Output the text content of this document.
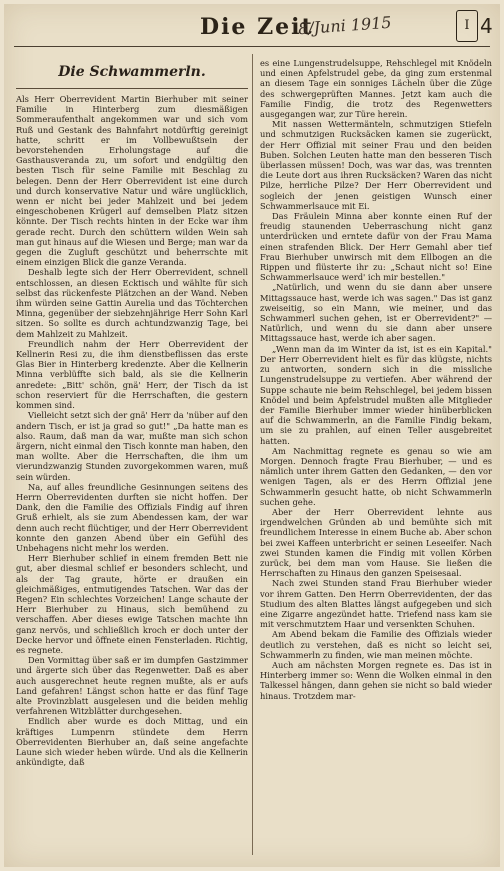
Die Zeit
8/Juni 1915	I 4
Die Schwammerln.

Als Herr Oberrevident Martin Bierhuber mit seiner Familie in Hinterberg zum diesmäßigen Sommeraufenthalt angekommen war und sich vom Ruß und Gestank des Bahnfahrt notdürftig gereinigt hatte, schritt er im Vollbewußtsein der bevorstehenden Erholungstage auf die Gasthausveranda zu, um sofort und endgültig den besten Tisch für seine Familie mit Beschlag zu belegen. Denn der Herr Oberrevident ist eine durch und durch konservative Natur und wäre unglücklich, wenn er nicht bei jeder Mahlzeit und bei jedem eingeschobenen Krügerl auf demselben Platz sitzen könnte. Der Tisch rechts hinten in der Ecke war ihm gerade recht. Durch den schüttern wilden Wein sah man gut hinaus auf die Wiesen und Berge; man war da gegen die Zugluft geschützt und beherrschte mit einem einzigen Blick die ganze Veranda.

Deshalb legte sich der Herr Oberrevident, schnell entschlossen, an diesen Ecktisch und wählte für sich selbst das rückenfeste Plätzchen an der Wand. Neben ihm würden seine Gattin Aurelia und das Töchterchen Minna, gegenüber der siebzehnjährige Herr Sohn Karl sitzen. So sollte es durch achtundzwanzig Tage, bei dem Mahlzeit zu Mahlzeit.

Freundlich nahm der Herr Oberrevident der Kellnerin Resi zu, die ihm dienstbeflissen das erste Glas Bier in Hinterberg kredenzte. Aber die Kellnerin Minna verblüffte sich bald, als sie die Kellnerin anredete: „Bitt' schön, gnä' Herr, der Tisch da ist schon reserviert für die Herrschaften, die gestern kommen sind.

Vielleicht setzt sich der gnä' Herr da 'nüber auf den andern Tisch, er ist ja grad so gut!" „Da hatte man es also. Raum, daß man da war, mußte man sich schon ärgern, nicht einmal den Tisch konnte man haben, den man wollte. Aber die Herrschaften, die ihm um vierundzwanzig Stunden zuvorgekommen waren, muß sein würden.

Na, auf alles freundliche Gesinnungen seitens des Herrn Oberrevidenten durften sie nicht hoffen. Der Dank, den die Familie des Offizials Findig auf ihren Gruß erhielt, als sie zum Abendessen kam, der war denn auch recht flüchtiger, und der Herr Oberrevident konnte den ganzen Abend über ein Gefühl des Unbehagens nicht mehr los werden.

Herr Bierhuber schlief in einem fremden Bett nie gut, aber diesmal schlief er besonders schlecht, und als der Tag graute, hörte er draußen ein gleichmäßiges, entmutigendes Tatschen. War das der Regen? Ein schlechtes Vorzeichen! Lange schaute der Herr Bierhuber zu Hinaus, sich bemühend zu verschaffen. Aber dieses ewige Tatschen machte ihn ganz nervös, und schließlich kroch er doch unter der Decke hervor und öffnete einen Fensterladen. Richtig, es regnete.

Den Vormittag über saß er im dumpfen Gastzimmer und ärgerte sich über das Regenwetter. Daß es aber auch ausgerechnet heute regnen mußte, als er aufs Land gefahren! Längst schon hatte er das fünf Tage alte Provinzblatt ausgelesen und die beiden mehlig verfahrenen Witzblätter durchgesehen.

Endlich aber wurde es doch Mittag, und ein kräftiges Lumpenrn stündete dem Herrn Oberrevidenten Bierhuber an, daß seine angefachte Laune sich wieder heben würde. Und als die Kellnerin ankündigte, daß

es eine Lungenstrudelsuppe, Rehschlegel mit Knödeln und einen Apfelstrudel gebe, da ging zum erstenmal an diesem Tage ein sonniges Lächeln über die Züge des schwergeprüften Mannes. Jetzt kam auch die Familie Findig, die trotz des Regenwetters ausgegangen war, zur Türe herein.

Mit nassen Wettermänteln, schmutzigen Stiefeln und schmutzigen Rucksäcken kamen sie zugerückt, der Herr Offizial mit seiner Frau und den beiden Buben. Solchen Leuten hatte man den besseren Tisch überlassen müssen! Doch, was war das, was trennten die Leute dort aus ihren Rucksäcken? Waren das nicht Pilze, herrliche Pilze? Der Herr Oberrevident und sogleich der jenen geistigen Wunsch einer Schwammerlsauce mit Ei.

Das Fräulein Minna aber konnte einen Ruf der freudig staunenden Ueberraschung nicht ganz unterdrücken und erntete dafür von der Frau Mama einen strafenden Blick. Der Herr Gemahl aber tief Frau Bierhuber unwirsch mit dem Ellbogen an die Rippen und flüsterte ihr zu: „Schaut nicht so! Eine Schwammerlsauce werd' ich mir bestellen."

„Natürlich, und wenn du sie dann aber unsere Mittagssauce hast, werde ich was sagen." Das ist ganz zweiseitig, so ein Mann, wie meiner, und das Schwammerl suchen gehen, ist er Oberrevident?" — Natürlich, und wenn du sie dann aber unsere Mittagssauce hast, werde ich aber sagen.

„Wenn man da im Winter da ist, ist es ein Kapital." Der Herr Oberrevident hielt es für das klügste, nichts zu antworten, sondern sich in die missliche Lungenstrudelsuppe zu vertiefen. Aber während der Suppe schaute nie beim Rehschlegel, bei jedem bissen Knödel und beim Apfelstrudel mußten alle Mitglieder der Familie Bierhuber immer wieder hinüberblicken auf die Schwammerln, an die Familie Findig bekam, um sie zu prahlen, auf einen Teller ausgebreitet hatten.

Am Nachmittag regnete es genau so wie am Morgen. Dennoch fragte Frau Bierhuber, — und es nämlich unter ihrem Gatten den Gedanken, — den vor wenigen Tagen, als er des Herrn Offizial jene Schwammerln gesucht hatte, ob nicht Schwammerln suchen gehe.

Aber der Herr Oberrevident lehnte aus irgendwelchen Gründen ab und bemühte sich mit freundlichem Interesse in einem Buche ab. Aber schon bei zwei Kaffeen unterbricht er seinen Leseeifer. Nach zwei Stunden kamen die Findig mit vollen Körben zurück, bei dem man vom Hause. Sie ließen die Herrschaften zu Hinaus den ganzen Speisesaal.

Nach zwei Stunden stand Frau Bierhuber wieder vor ihrem Gatten. Den Herrn Oberrevidenten, der das Studium des alten Blattes längst aufgegeben und sich eine Zigarre angezündet hatte. Triefend nass kam sie mit verschmutztem Haar und versenkten Schuhen.

Am Abend bekam die Familie des Offizials wieder deutlich zu verstehen, daß es nicht so leicht sei, Schwammerln zu finden, wie man meinen möchte.

Auch am nächsten Morgen regnete es. Das ist in Hinterberg immer so: Wenn die Wolken einmal in den Talkessel hängen, dann gehen sie nicht so bald wieder hinaus. Trotzdem mar-
